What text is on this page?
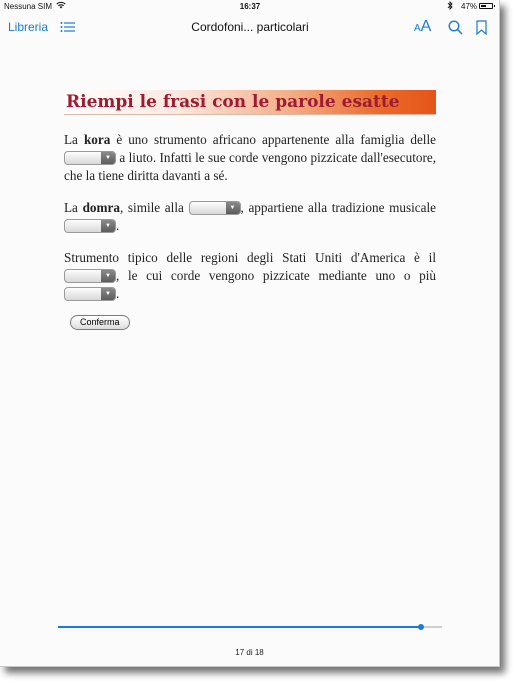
Nessuna SIM	16:37	47%
Libreria	Cordofoni... particolari	AA
Riempi le frasi con le parole esatte

La kora è uno strumento africano appartenente alla famiglia delle
▼ a liuto. Infatti le sue corde vengono pizzicate dall'esecutore, che la tiene diritta davanti a sé.

La domra, simile alla	▼ , appartiene alla tradizione musicale
▼ .

Strumento tipico delle regioni degli Stati Uniti d'America è il
▼ , le cui corde vengono pizzicate mediante uno o più
▼ .

Conferma
17 di 18
